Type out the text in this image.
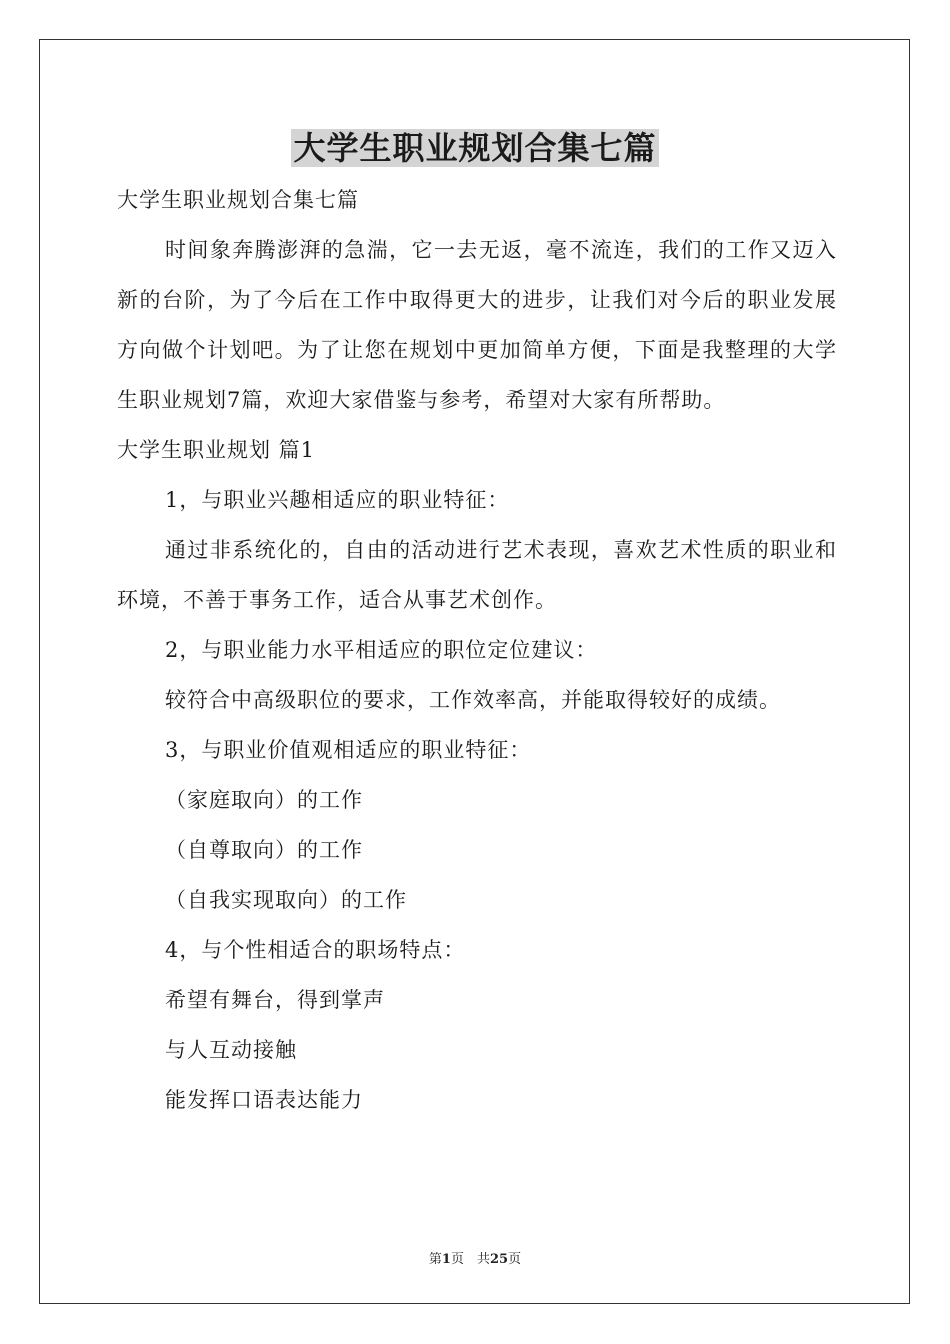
大学生职业规划合集七篇
大学生职业规划合集七篇
时间象奔腾澎湃的急湍，它一去无返，毫不流连，我们的工作又迈入新的台阶，为了今后在工作中取得更大的进步，让我们对今后的职业发展方向做个计划吧。为了让您在规划中更加简单方便，下面是我整理的大学生职业规划7篇，欢迎大家借鉴与参考，希望对大家有所帮助。
大学生职业规划 篇1
1，与职业兴趣相适应的职业特征：
通过非系统化的，自由的活动进行艺术表现，喜欢艺术性质的职业和环境，不善于事务工作，适合从事艺术创作。
2，与职业能力水平相适应的职位定位建议：
较符合中高级职位的要求，工作效率高，并能取得较好的成绩。
3，与职业价值观相适应的职业特征：
（家庭取向）的工作
（自尊取向）的工作
（自我实现取向）的工作
4，与个性相适合的职场特点：
希望有舞台，得到掌声
与人互动接触
能发挥口语表达能力
第1页　共25页
